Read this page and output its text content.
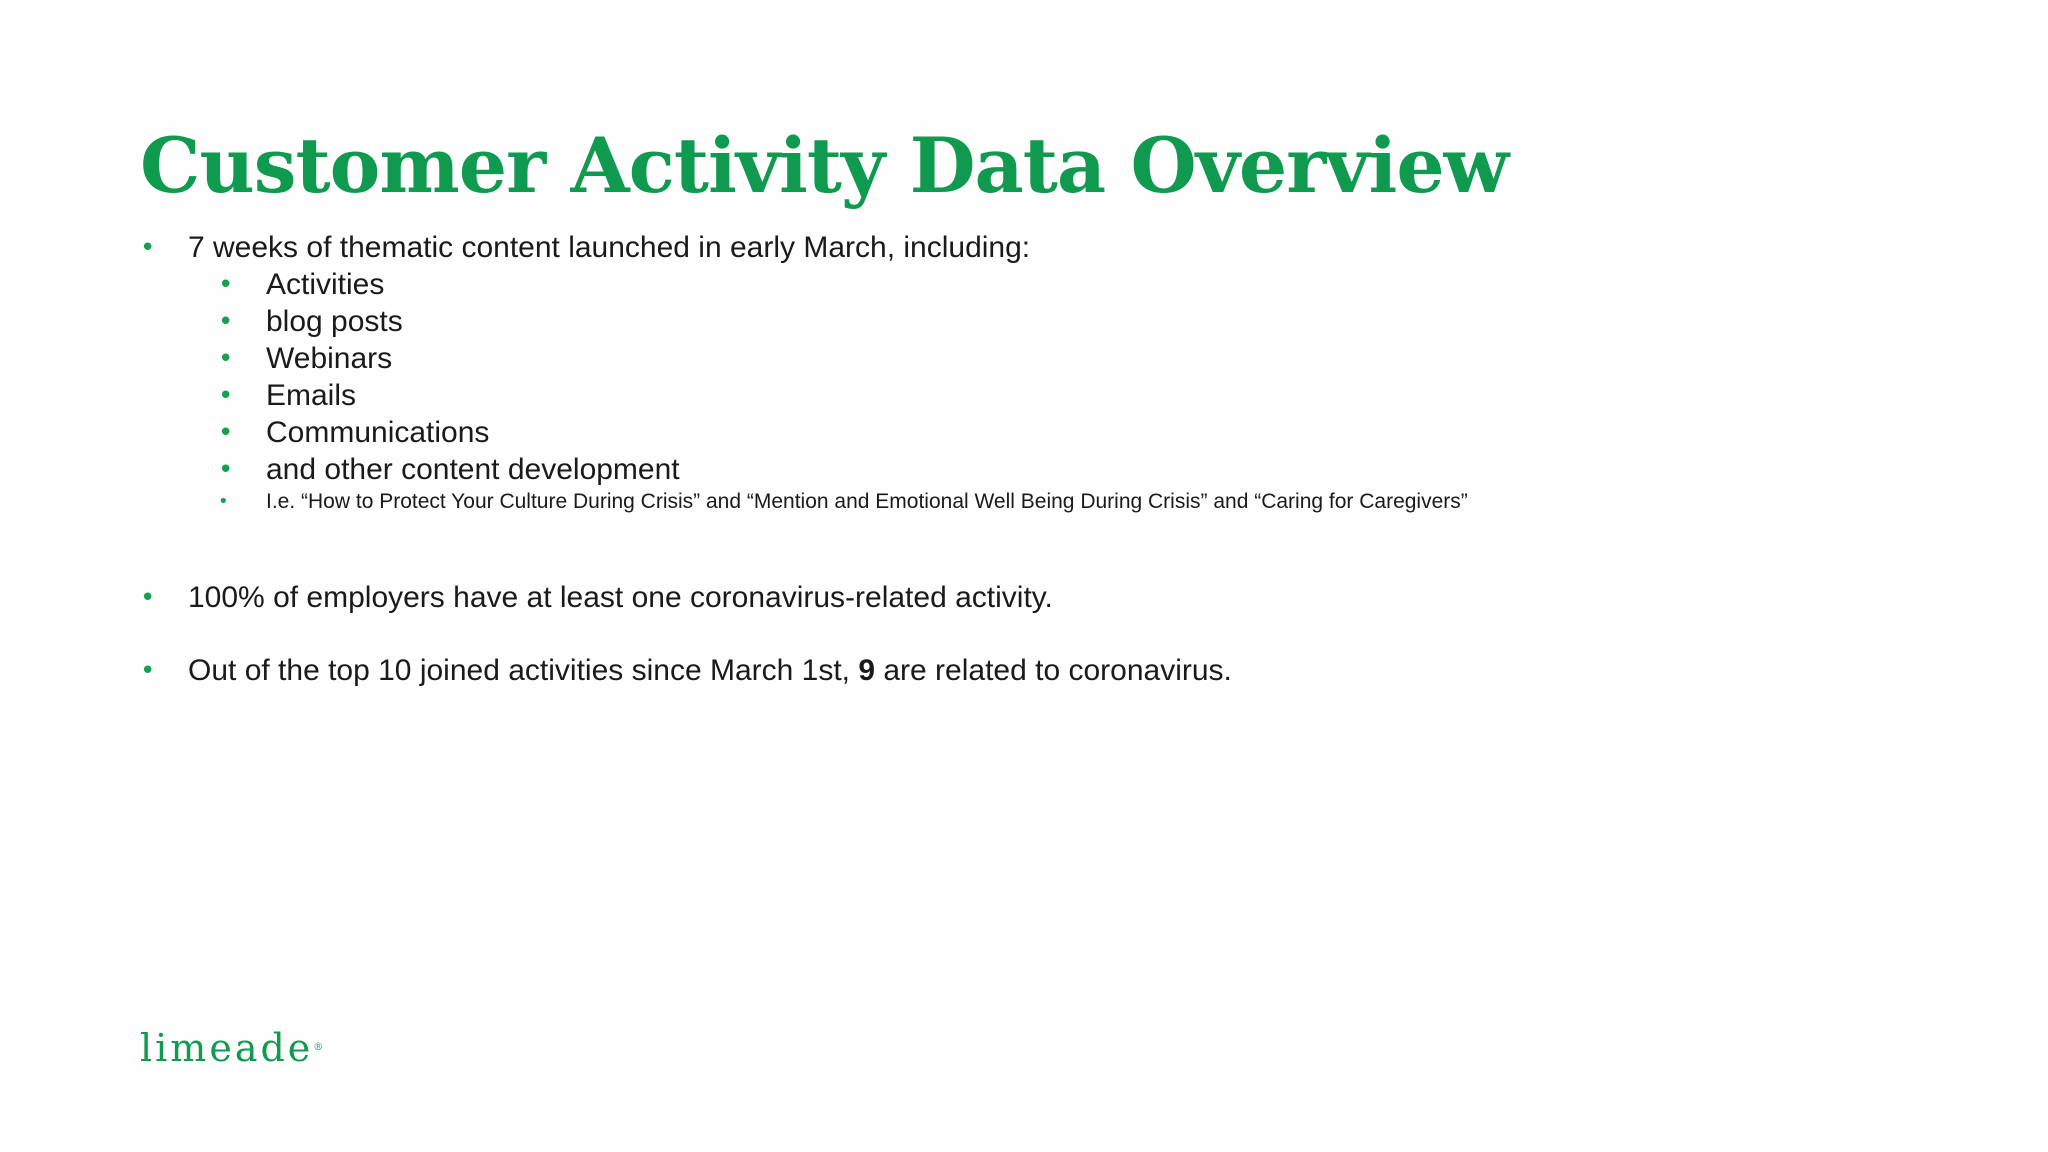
Customer Activity Data Overview
• 7 weeks of thematic content launched in early March, including:
• Activities
• blog posts
• Webinars
• Emails
• Communications
• and other content development
• I.e. “How to Protect Your Culture During Crisis” and “Mention and Emotional Well Being During Crisis” and “Caring for Caregivers”
• 100% of employers have at least one coronavirus-related activity.
• Out of the top 10 joined activities since March 1st, 9 are related to coronavirus.
limeade®
